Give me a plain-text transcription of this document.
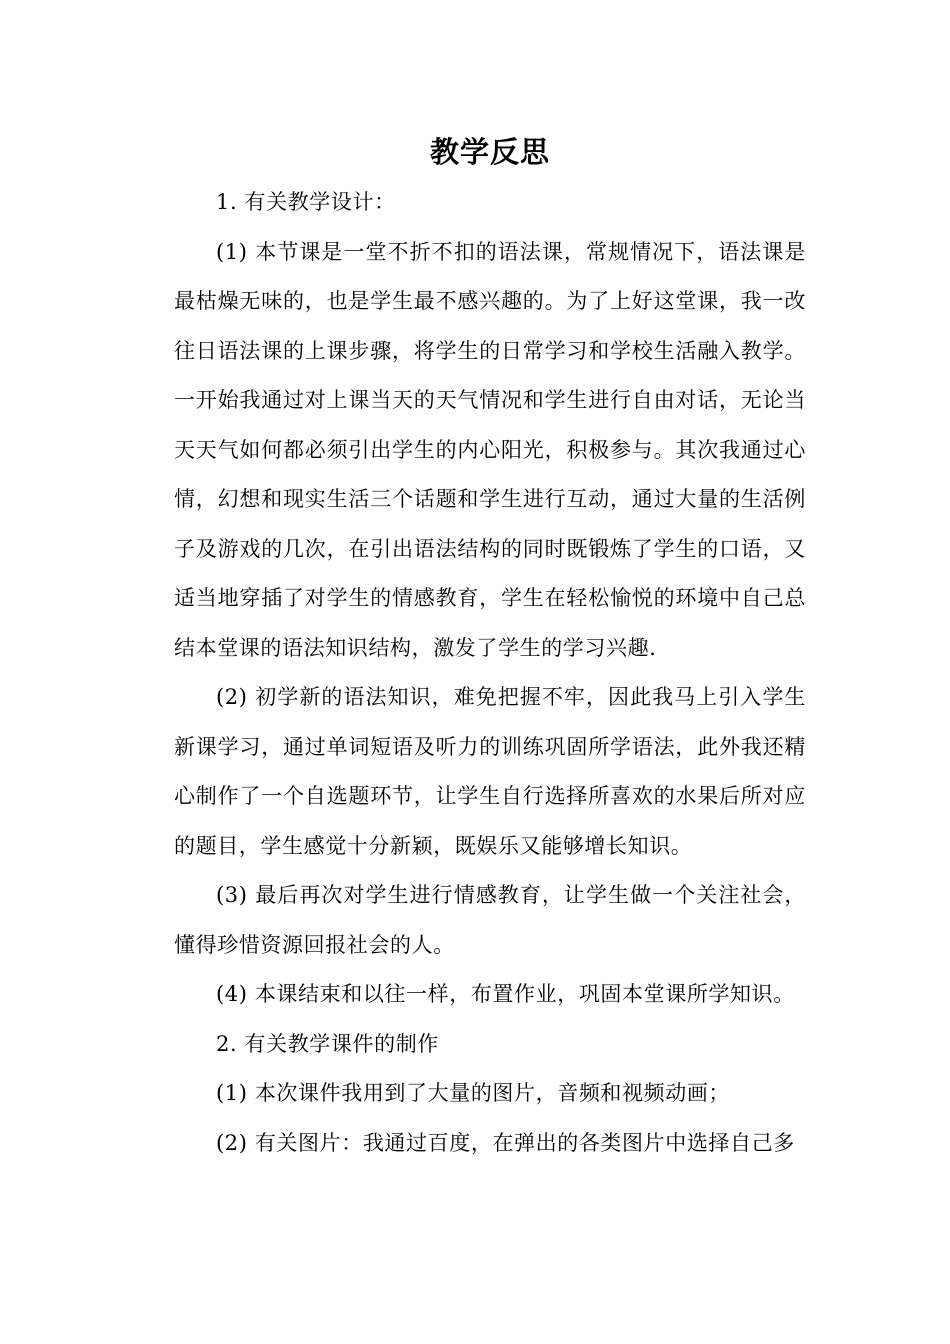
教学反思

1. 有关教学设计：

(1) 本节课是一堂不折不扣的语法课，常规情况下，语法课是最枯燥无味的，也是学生最不感兴趣的。为了上好这堂课，我一改往日语法课的上课步骤，将学生的日常学习和学校生活融入教学。一开始我通过对上课当天的天气情况和学生进行自由对话，无论当天天气如何都必须引出学生的内心阳光，积极参与。其次我通过心情，幻想和现实生活三个话题和学生进行互动，通过大量的生活例子及游戏的几次，在引出语法结构的同时既锻炼了学生的口语，又适当地穿插了对学生的情感教育，学生在轻松愉悦的环境中自己总结本堂课的语法知识结构，激发了学生的学习兴趣.

(2) 初学新的语法知识，难免把握不牢，因此我马上引入学生新课学习，通过单词短语及听力的训练巩固所学语法，此外我还精心制作了一个自选题环节，让学生自行选择所喜欢的水果后所对应的题目，学生感觉十分新颖，既娱乐又能够增长知识。

(3) 最后再次对学生进行情感教育，让学生做一个关注社会，懂得珍惜资源回报社会的人。

(4) 本课结束和以往一样，布置作业，巩固本堂课所学知识。

2. 有关教学课件的制作

(1) 本次课件我用到了大量的图片，音频和视频动画；

(2) 有关图片：我通过百度，在弹出的各类图片中选择自己多
